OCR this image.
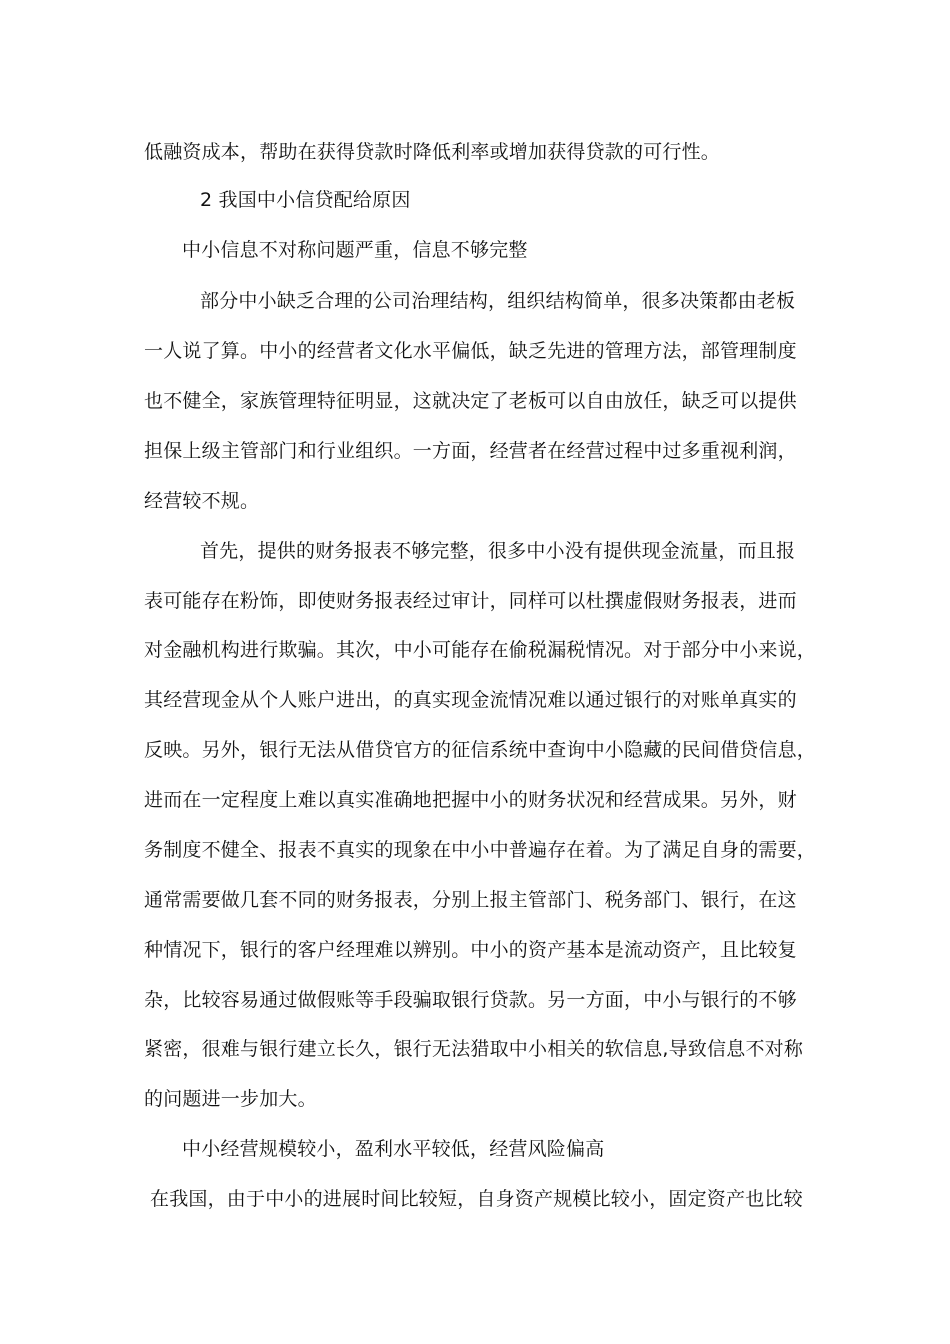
低融资成本，帮助在获得贷款时降低利率或增加获得贷款的可行性。
2 我国中小信贷配给原因
中小信息不对称问题严重，信息不够完整
部分中小缺乏合理的公司治理结构，组织结构简单，很多决策都由老板
一人说了算。中小的经营者文化水平偏低，缺乏先进的管理方法，部管理制度
也不健全，家族管理特征明显，这就决定了老板可以自由放任，缺乏可以提供
担保上级主管部门和行业组织。一方面，经营者在经营过程中过多重视利润，
经营较不规。
首先，提供的财务报表不够完整，很多中小没有提供现金流量，而且报
表可能存在粉饰，即使财务报表经过审计，同样可以杜撰虚假财务报表，进而
对金融机构进行欺骗。其次，中小可能存在偷税漏税情况。对于部分中小来说，
其经营现金从个人账户进出，的真实现金流情况难以通过银行的对账单真实的
反映。另外，银行无法从借贷官方的征信系统中查询中小隐藏的民间借贷信息，
进而在一定程度上难以真实准确地把握中小的财务状况和经营成果。另外，财
务制度不健全、报表不真实的现象在中小中普遍存在着。为了满足自身的需要，
通常需要做几套不同的财务报表，分别上报主管部门、税务部门、银行，在这
种情况下，银行的客户经理难以辨别。中小的资产基本是流动资产，且比较复
杂，比较容易通过做假账等手段骗取银行贷款。另一方面，中小与银行的不够
紧密，很难与银行建立长久，银行无法猎取中小相关的软信息,导致信息不对称
的问题进一步加大。
中小经营规模较小，盈利水平较低，经营风险偏高
在我国，由于中小的进展时间比较短，自身资产规模比较小，固定资产也比较
